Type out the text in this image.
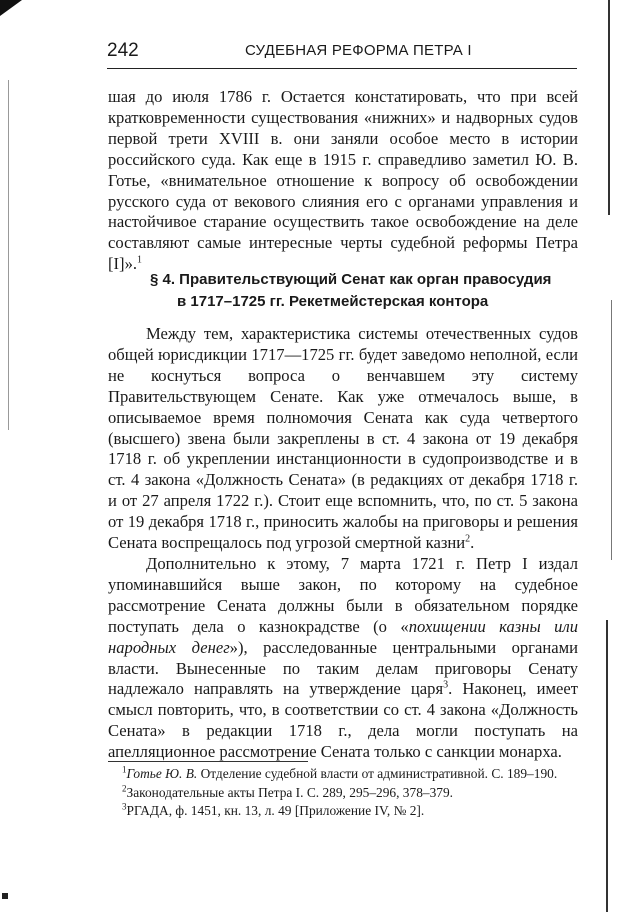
242	СУДЕБНАЯ РЕФОРМА ПЕТРА I

шая до июля 1786 г. Остается констатировать, что при всей кратковременности существования «нижних» и надворных судов первой трети XVIII в. они заняли особое место в истории российского суда. Как еще в 1915 г. справедливо заметил Ю. В. Готье, «внимательное отношение к вопросу об освобождении русского суда от векового слияния его с органами управления и настойчивое старание осуществить такое освобождение на деле составляют самые интересные черты судебной реформы Петра [I]».$^1$

§ 4. Правительствующий Сенат как орган правосудия
в 1717–1725 гг. Рекетмейстерская контора

Между тем, характеристика системы отечественных судов общей юрисдикции 1717—1725 гг. будет заведомо неполной, если не коснуться вопроса о венчавшем эту систему Правительствующем Сенате. Как уже отмечалось выше, в описываемое время полномочия Сената как суда четвертого (высшего) звена были закреплены в ст. 4 закона от 19 декабря 1718 г. об укреплении инстанционности в судопроизводстве и в ст. 4 закона «Должность Сената» (в редакциях от декабря 1718 г. и от 27 апреля 1722 г.). Стоит еще вспомнить, что, по ст. 5 закона от 19 декабря 1718 г., приносить жалобы на приговоры и решения Сената воспрещалось под угрозой смертной казни$^2$.

Дополнительно к этому, 7 марта 1721 г. Петр I издал упоминавшийся выше закон, по которому на судебное рассмотрение Сената должны были в обязательном порядке поступать дела о казнокрадстве (о «похищении казны или народных денег»), расследованные центральными органами власти. Вынесенные по таким делам приговоры Сенату надлежало направлять на утверждение царя$^3$. Наконец, имеет смысл повторить, что, в соответствии со ст. 4 закона «Должность Сената» в редакции 1718 г., дела могли поступать на апелляционное рассмотрение Сената только с санкции монарха.

$^1$Готье Ю. В. Отделение судебной власти от административной. С. 189–190.

$^2$Законодательные акты Петра I. С. 289, 295–296, 378–379.

$^3$РГАДА, ф. 1451, кн. 13, л. 49 [Приложение IV, № 2].
